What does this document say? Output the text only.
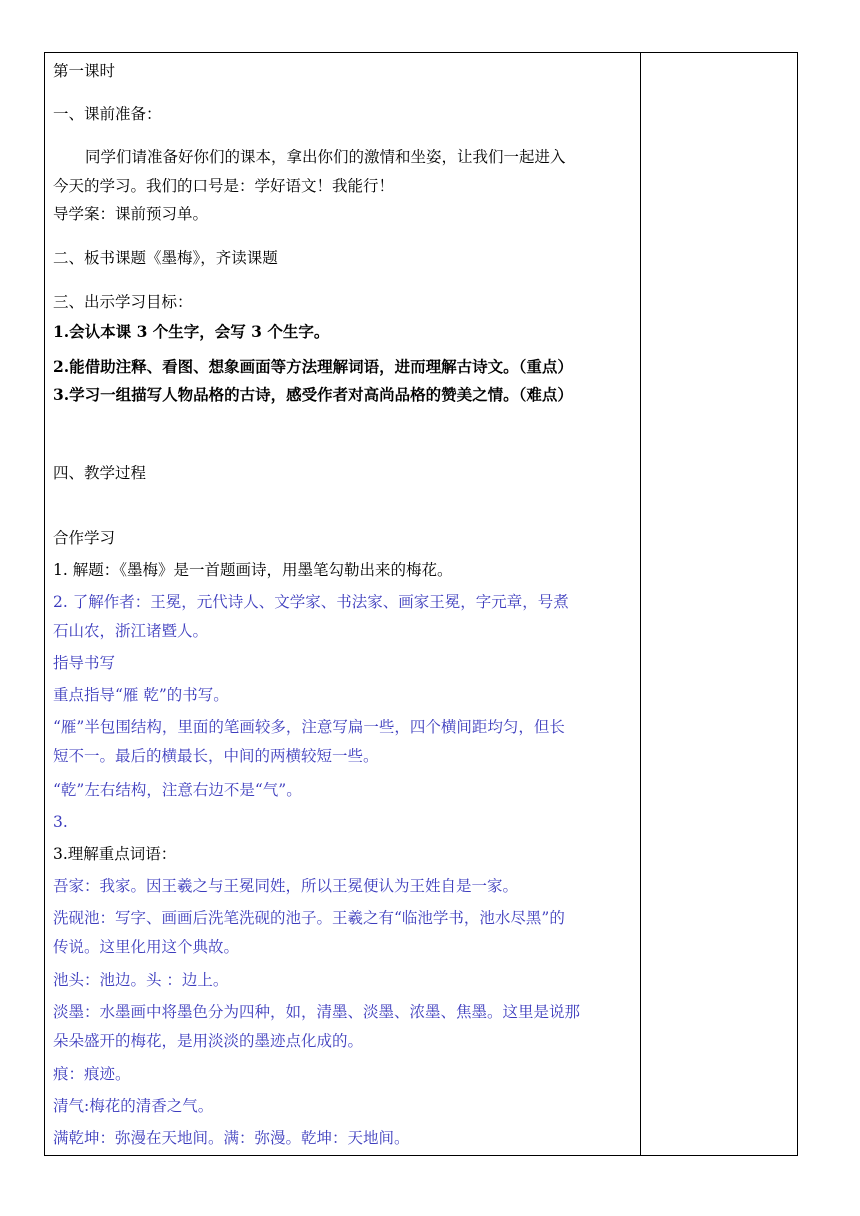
第一课时
一、课前准备：
同学们请准备好你们的课本，拿出你们的激情和坐姿，让我们一起进入
今天的学习。我们的口号是：学好语文！我能行！
导学案：课前预习单。
二、板书课题《墨梅》，齐读课题
三、出示学习目标：
1.会认本课 3 个生字，会写 3 个生字。
2.能借助注释、看图、想象画面等方法理解词语，进而理解古诗文。（重点）
3.学习一组描写人物品格的古诗，感受作者对高尚品格的赞美之情。（难点）
四、教学过程
合作学习
1. 解题：《墨梅》是一首题画诗，用墨笔勾勒出来的梅花。
2. 了解作者：王冕，元代诗人、文学家、书法家、画家王冕，字元章，号煮
石山农，浙江诸暨人。
指导书写
重点指导“雁 乾”的书写。
“雁”半包围结构，里面的笔画较多，注意写扁一些，四个横间距均匀，但长
短不一。最后的横最长，中间的两横较短一些。
“乾”左右结构，注意右边不是“气”。
3.
3.理解重点词语：
吾家：我家。因王羲之与王冕同姓，所以王冕便认为王姓自是一家。
洗砚池：写字、画画后洗笔洗砚的池子。王羲之有“临池学书，池水尽黑”的
传说。这里化用这个典故。
池头：池边。头 ：边上。
淡墨：水墨画中将墨色分为四种，如，清墨、淡墨、浓墨、焦墨。这里是说那
朵朵盛开的梅花，是用淡淡的墨迹点化成的。
痕：痕迹。
清气:梅花的清香之气。
满乾坤：弥漫在天地间。满：弥漫。乾坤：天地间。
